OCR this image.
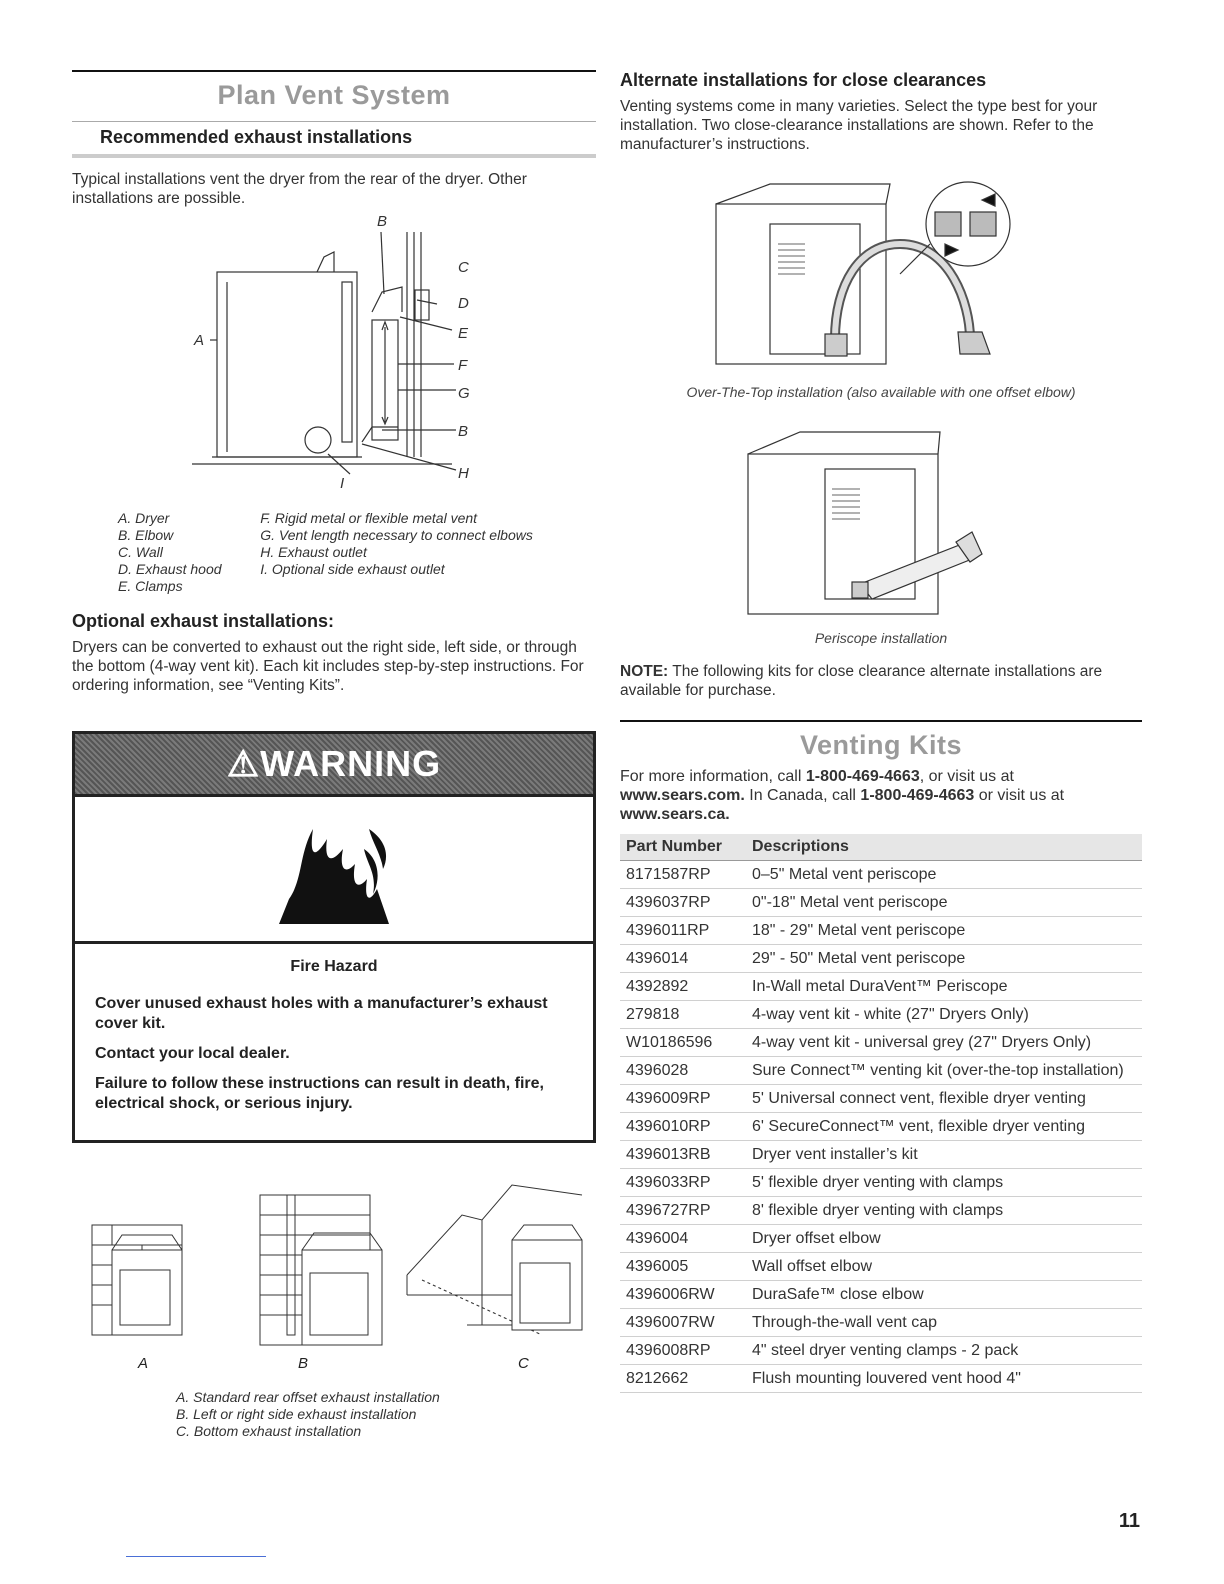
Plan Vent System
Recommended exhaust installations

Typical installations vent the dryer from the rear of the dryer. Other installations are possible.

B
C
D
E
F
G
B
H
I
A
A. Dryer
B. Elbow
C. Wall
D. Exhaust hood
E. Clamps
F. Rigid metal or flexible metal vent
G. Vent length necessary to connect elbows
H. Exhaust outlet
I. Optional side exhaust outlet
Optional exhaust installations:

Dryers can be converted to exhaust out the right side, left side, or through the bottom (4-way vent kit). Each kit includes step-by-step instructions. For ordering information, see “Venting Kits”.

⚠WARNING
Fire Hazard

Cover unused exhaust holes with a manufacturer’s exhaust cover kit.

Contact your local dealer.

Failure to follow these instructions can result in death, fire, electrical shock, or serious injury.

A	B	C
A. Standard rear offset exhaust installation
B. Left or right side exhaust installation
C. Bottom exhaust installation
Alternate installations for close clearances

Venting systems come in many varieties. Select the type best for your installation. Two close-clearance installations are shown. Refer to the manufacturer’s instructions.

Over-The-Top installation (also available with one offset elbow)
Periscope installation

NOTE: The following kits for close clearance alternate installations are available for purchase.

Venting Kits

For more information, call 1-800-469-4663, or visit us at www.sears.com. In Canada, call 1-800-469-4663 or visit us at www.sears.ca.

Part Number	Descriptions
8171587RP	0–5" Metal vent periscope
4396037RP	0"-18" Metal vent periscope
4396011RP	18" - 29" Metal vent periscope
4396014	29" - 50" Metal vent periscope
4392892	In-Wall metal DuraVent™ Periscope
279818	4-way vent kit - white (27" Dryers Only)
W10186596	4-way vent kit - universal grey (27" Dryers Only)
4396028	Sure Connect™ venting kit (over-the-top installation)
4396009RP	5' Universal connect vent, flexible dryer venting
4396010RP	6' SecureConnect™ vent, flexible dryer venting
4396013RB	Dryer vent installer’s kit
4396033RP	5' flexible dryer venting with clamps
4396727RP	8' flexible dryer venting with clamps
4396004	Dryer offset elbow
4396005	Wall offset elbow
4396006RW	DuraSafe™ close elbow
4396007RW	Through-the-wall vent cap
4396008RP	4" steel dryer venting clamps - 2 pack
8212662	Flush mounting louvered vent hood 4"
11
